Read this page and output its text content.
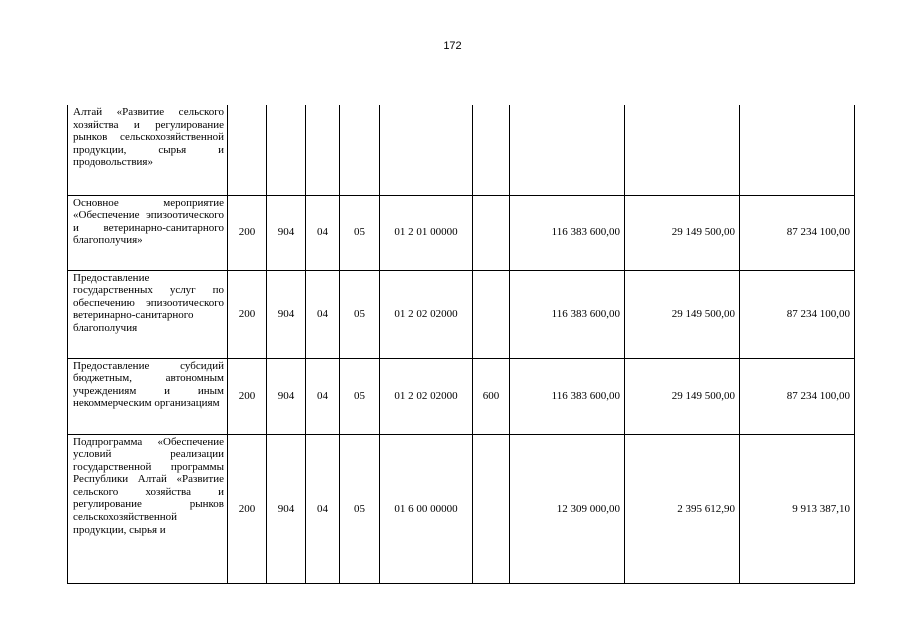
172
Алтай «Развитие сельского хозяйства и регулирование рынков сельскохозяйственной продукции, сырья и продовольствия»									
Основное мероприятие «Обеспечение эпизоотического и ветеринарно-санитарного благополучия»	200	904	04	05	01 2 01 00000		116 383 600,00	29 149 500,00	87 234 100,00
Предоставление государственных услуг по обеспечению эпизоотического ветеринарно-санитарного благополучия	200	904	04	05	01 2 02 02000		116 383 600,00	29 149 500,00	87 234 100,00
Предоставление субсидий бюджетным, автономным учреждениям и иным некоммерческим организациям	200	904	04	05	01 2 02 02000	600	116 383 600,00	29 149 500,00	87 234 100,00
Подпрограмма «Обеспечение условий реализации государственной программы Республики Алтай «Развитие сельского хозяйства и регулирование рынков сельскохозяйственной продукции, сырья и	200	904	04	05	01 6 00 00000		12 309 000,00	2 395 612,90	9 913 387,10
